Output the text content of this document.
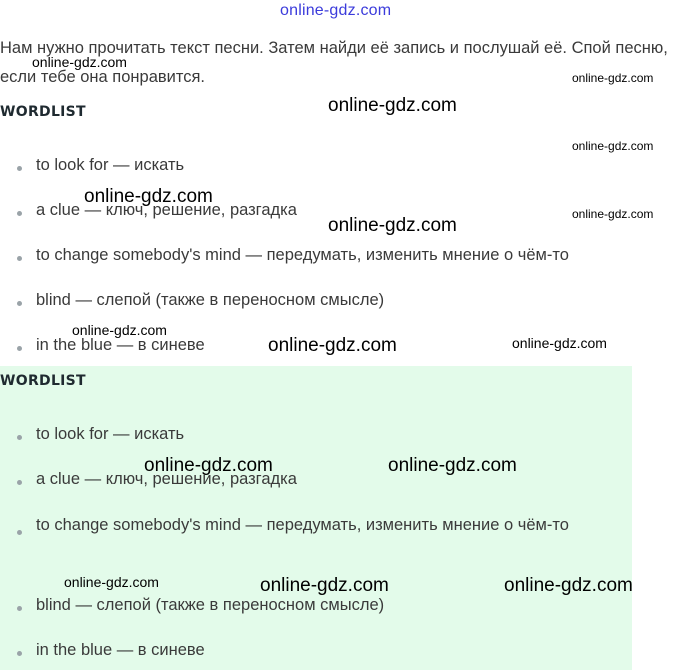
online-gdz.com
Нам нужно прочитать текст песни. Затем найди её запись и послушай её. Спой песню, если тебе она понравится.
WORDLIST
to look for — искать
a clue — ключ, решение, разгадка
to change somebody's mind — передумать, изменить мнение о чём-то
blind — слепой (также в переносном смысле)
in the blue — в синеве
WORDLIST
to look for — искать
a clue — ключ, решение, разгадка
to change somebody's mind — передумать, изменить мнение о чём-то
blind — слепой (также в переносном смысле)
in the blue — в синеве
online-gdz.com
online-gdz.com
online-gdz.com
online-gdz.com
online-gdz.com
online-gdz.com
online-gdz.com
online-gdz.com
online-gdz.com	online-gdz.com
online-gdz.com	online-gdz.com
online-gdz.com	online-gdz.com	online-gdz.com
